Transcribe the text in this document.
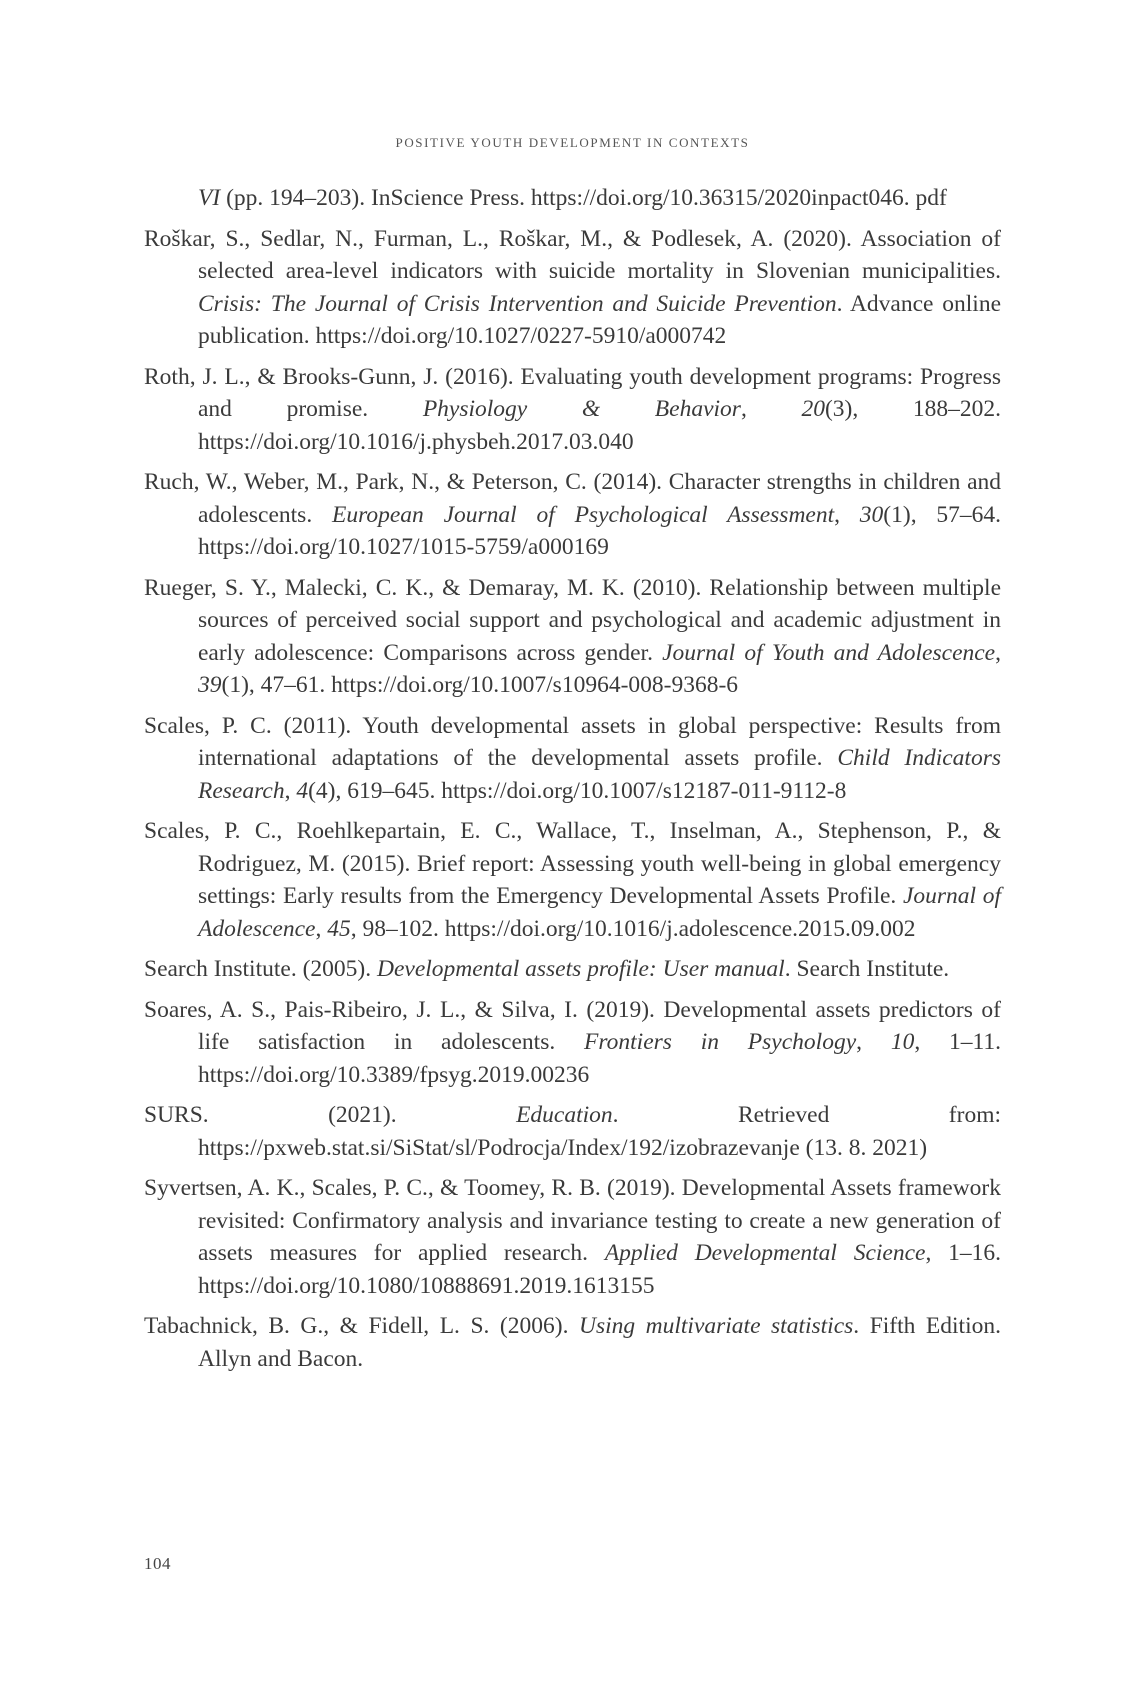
POSITIVE YOUTH DEVELOPMENT IN CONTEXTS

VI (pp. 194–203). InScience Press. https://doi.org/10.36315/2020inpact046. pdf

Roškar, S., Sedlar, N., Furman, L., Roškar, M., & Podlesek, A. (2020). Association of selected area-level indicators with suicide mortality in Slovenian municipalities. Crisis: The Journal of Crisis Intervention and Suicide Prevention. Advance online publication. https://doi.org/10.1027/0227-5910/a000742

Roth, J. L., & Brooks-Gunn, J. (2016). Evaluating youth development programs: Progress and promise. Physiology & Behavior, 20(3), 188–202. https://doi.org/10.1016/j.physbeh.2017.03.040

Ruch, W., Weber, M., Park, N., & Peterson, C. (2014). Character strengths in children and adolescents. European Journal of Psychological Assessment, 30(1), 57–64. https://doi.org/10.1027/1015-5759/a000169

Rueger, S. Y., Malecki, C. K., & Demaray, M. K. (2010). Relationship between multiple sources of perceived social support and psychological and academic adjustment in early adolescence: Comparisons across gender. Journal of Youth and Adolescence, 39(1), 47–61. https://doi.org/10.1007/s10964-008-9368-6

Scales, P. C. (2011). Youth developmental assets in global perspective: Results from international adaptations of the developmental assets profile. Child Indicators Research, 4(4), 619–645. https://doi.org/10.1007/s12187-011-9112-8

Scales, P. C., Roehlkepartain, E. C., Wallace, T., Inselman, A., Stephenson, P., & Rodriguez, M. (2015). Brief report: Assessing youth well-being in global emergency settings: Early results from the Emergency Developmental Assets Profile. Journal of Adolescence, 45, 98–102. https://doi.org/10.1016/j.adolescence.2015.09.002

Search Institute. (2005). Developmental assets profile: User manual. Search Institute.

Soares, A. S., Pais-Ribeiro, J. L., & Silva, I. (2019). Developmental assets predictors of life satisfaction in adolescents. Frontiers in Psychology, 10, 1–11. https://doi.org/10.3389/fpsyg.2019.00236

SURS. (2021). Education. Retrieved from: https://pxweb.stat.si/SiStat/sl/Podrocja/Index/192/izobrazevanje (13. 8. 2021)

Syvertsen, A. K., Scales, P. C., & Toomey, R. B. (2019). Developmental Assets framework revisited: Confirmatory analysis and invariance testing to create a new generation of assets measures for applied research. Applied Developmental Science, 1–16. https://doi.org/10.1080/10888691.2019.1613155

Tabachnick, B. G., & Fidell, L. S. (2006). Using multivariate statistics. Fifth Edition. Allyn and Bacon.

104
